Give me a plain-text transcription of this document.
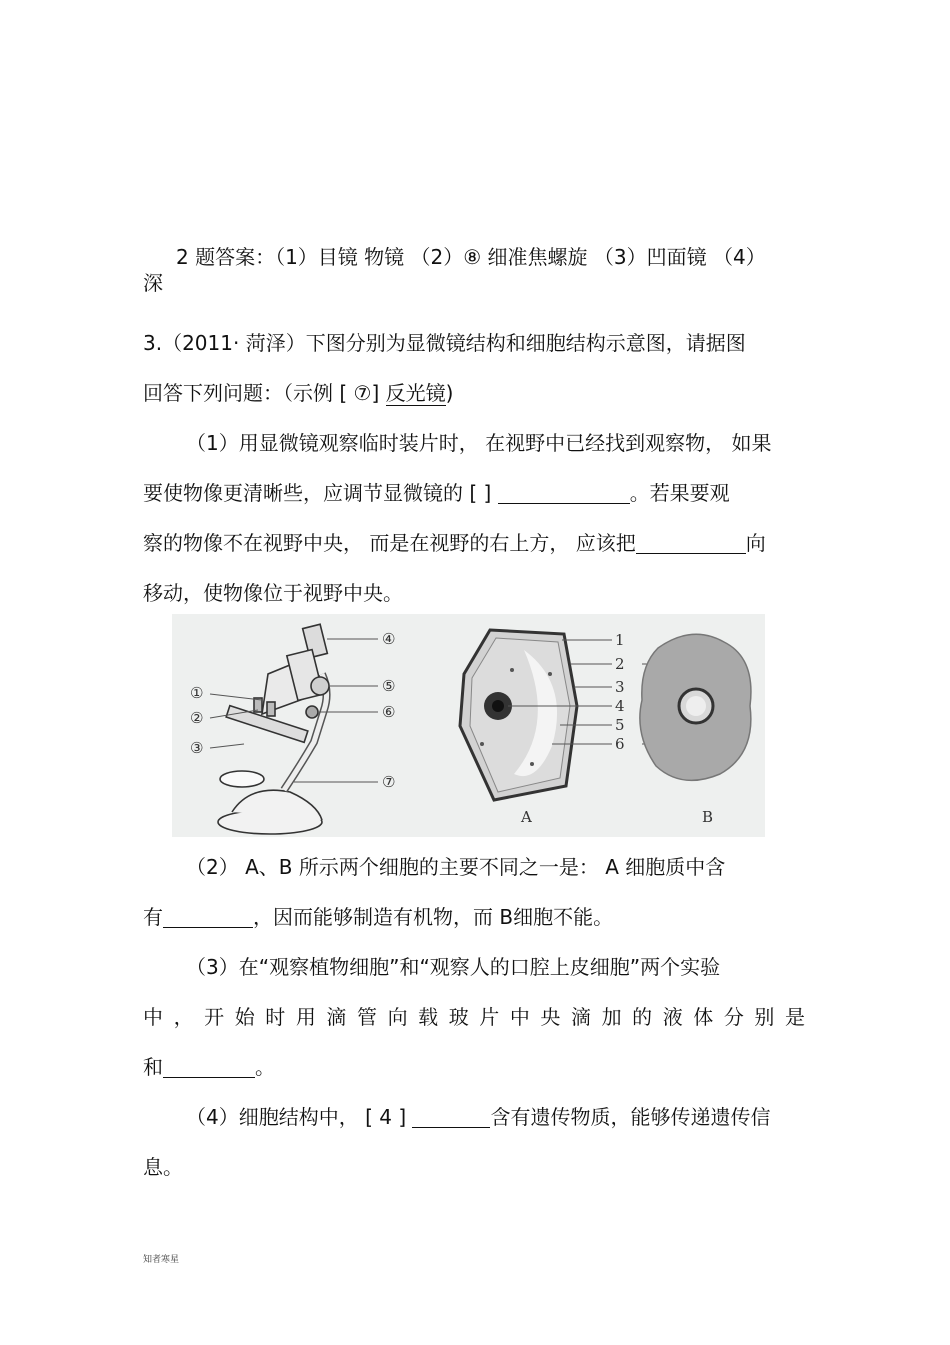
2 题答案：（1）目镜 物镜 （2）⑧ 细准焦螺旋 （3）凹面镜 （4）
深
3.（2011· 菏泽）下图分别为显微镜结构和细胞结构示意图，请据图
回答下列问题：（示例 [ ⑦] 反光镜)
（1）用显微镜观察临时装片时， 在视野中已经找到观察物， 如果
要使物像更清晰些，应调节显微镜的 [ ]	。若果要观
察的物像不在视野中央， 而是在视野的右上方， 应该把	向
移动，使物像位于视野中央。
①
②
③
④
⑤
⑥
⑦
1
2
3
4
5
6
A	B
（2） A、B 所示两个细胞的主要不同之一是： A 细胞质中含
有	，因而能够制造有机物，而 B细胞不能。
（3）在“观察植物细胞”和“观察人的口腔上皮细胞”两个实验
中，开始时用滴管向载玻片中央滴加的液体分别是
和	。
（4）细胞结构中， [ 4 ]	含有遗传物质，能够传递遗传信
息。
知者寒星
